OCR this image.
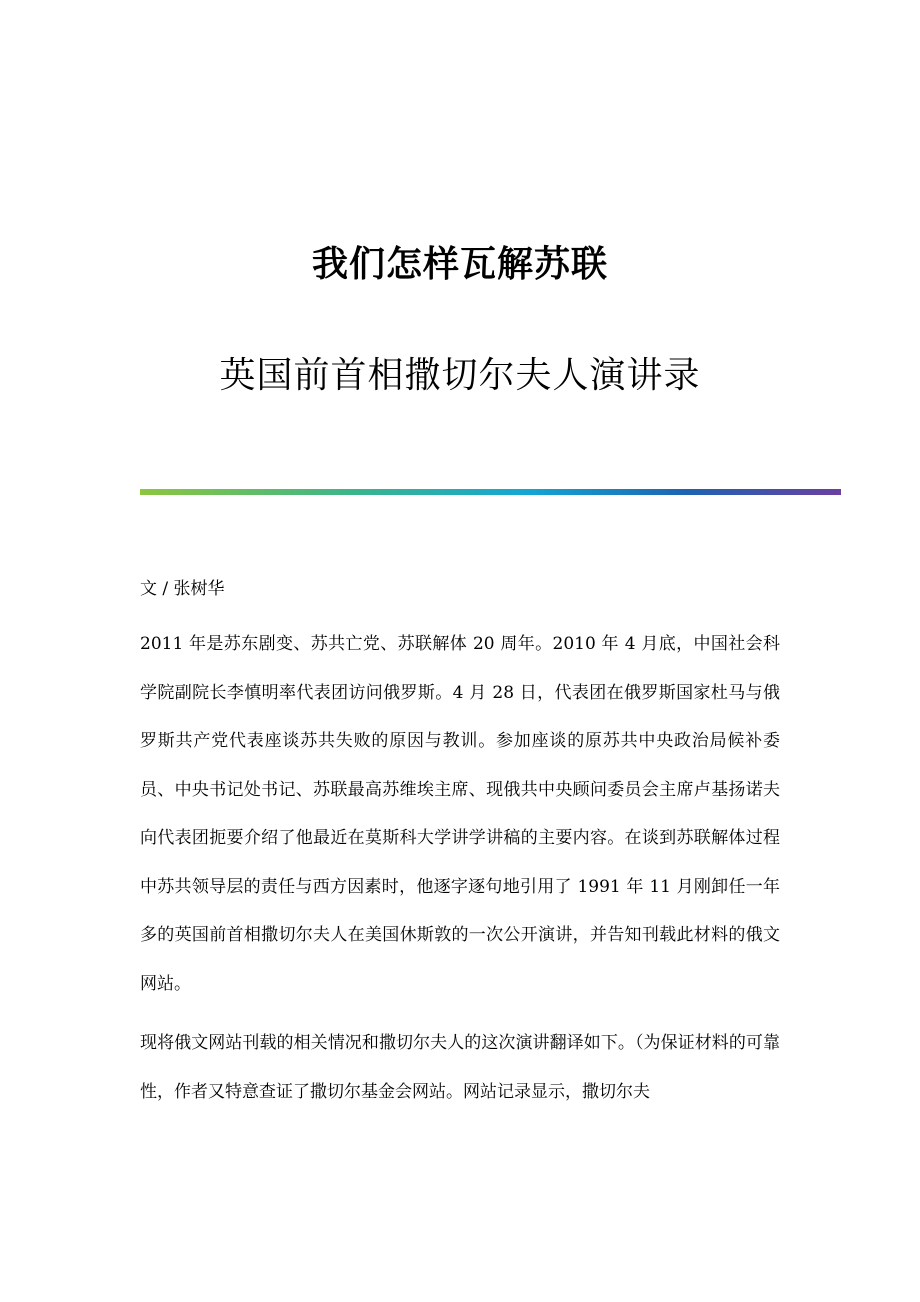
我们怎样瓦解苏联
英国前首相撒切尔夫人演讲录
文 / 张树华

2011 年是苏东剧变、苏共亡党、苏联解体 20 周年。2010 年 4 月底，中国社会科学院副院长李慎明率代表团访问俄罗斯。4 月 28 日，代表团在俄罗斯国家杜马与俄罗斯共产党代表座谈苏共失败的原因与教训。参加座谈的原苏共中央政治局候补委员、中央书记处书记、苏联最高苏维埃主席、现俄共中央顾问委员会主席卢基扬诺夫向代表团扼要介绍了他最近在莫斯科大学讲学讲稿的主要内容。在谈到苏联解体过程中苏共领导层的责任与西方因素时，他逐字逐句地引用了 1991 年 11 月刚卸任一年多的英国前首相撒切尔夫人在美国休斯敦的一次公开演讲，并告知刊载此材料的俄文网站。

现将俄文网站刊载的相关情况和撒切尔夫人的这次演讲翻译如下。（为保证材料的可靠性，作者又特意查证了撒切尔基金会网站。网站记录显示，撒切尔夫
